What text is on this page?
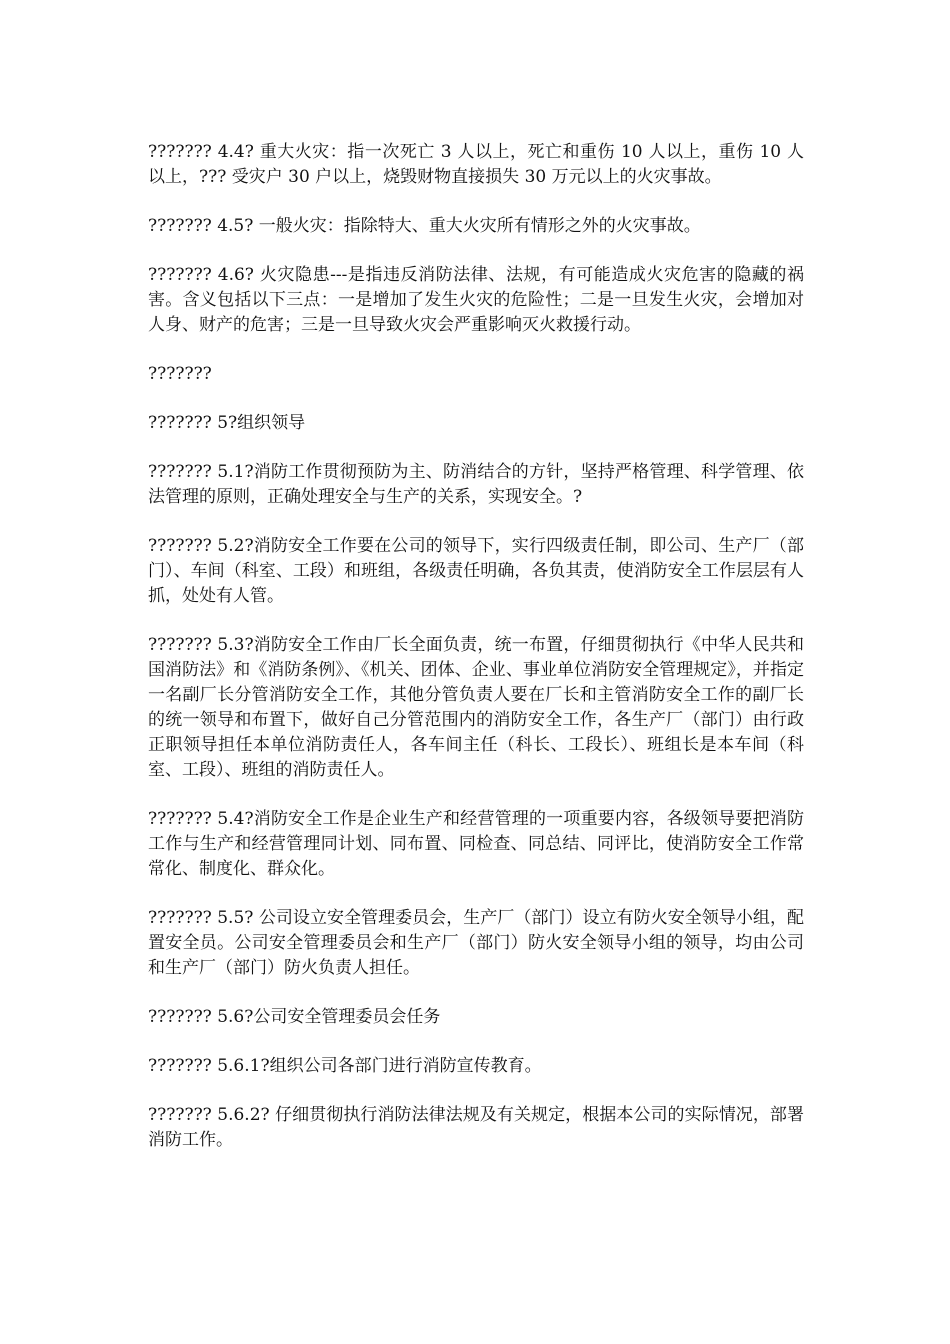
??????? 4.4? 重大火灾：指一次死亡 3 人以上，死亡和重伤 10 人以上，重伤 10 人以上，??? 受灾户 30 户以上，烧毁财物直接损失 30 万元以上的火灾事故。

??????? 4.5? 一般火灾：指除特大、重大火灾所有情形之外的火灾事故。

??????? 4.6? 火灾隐患---是指违反消防法律、法规，有可能造成火灾危害的隐藏的祸害。含义包括以下三点：一是增加了发生火灾的危险性；二是一旦发生火灾，会增加对人身、财产的危害；三是一旦导致火灾会严重影响灭火救援行动。

???????

??????? 5?组织领导

??????? 5.1?消防工作贯彻预防为主、防消结合的方针，坚持严格管理、科学管理、依法管理的原则，正确处理安全与生产的关系，实现安全。?

??????? 5.2?消防安全工作要在公司的领导下，实行四级责任制，即公司、生产厂（部门）、车间（科室、工段）和班组，各级责任明确，各负其责，使消防安全工作层层有人抓，处处有人管。

??????? 5.3?消防安全工作由厂长全面负责，统一布置，仔细贯彻执行《中华人民共和国消防法》和《消防条例》、《机关、团体、企业、事业单位消防安全管理规定》，并指定一名副厂长分管消防安全工作，其他分管负责人要在厂长和主管消防安全工作的副厂长的统一领导和布置下，做好自己分管范围内的消防安全工作，各生产厂（部门）由行政正职领导担任本单位消防责任人，各车间主任（科长、工段长）、班组长是本车间（科室、工段）、班组的消防责任人。

??????? 5.4?消防安全工作是企业生产和经营管理的一项重要内容，各级领导要把消防工作与生产和经营管理同计划、同布置、同检查、同总结、同评比，使消防安全工作常常化、制度化、群众化。

??????? 5.5? 公司设立安全管理委员会，生产厂（部门）设立有防火安全领导小组，配置安全员。公司安全管理委员会和生产厂（部门）防火安全领导小组的领导，均由公司和生产厂（部门）防火负责人担任。

??????? 5.6?公司安全管理委员会任务

??????? 5.6.1?组织公司各部门进行消防宣传教育。

??????? 5.6.2? 仔细贯彻执行消防法律法规及有关规定，根据本公司的实际情况，部署消防工作。
